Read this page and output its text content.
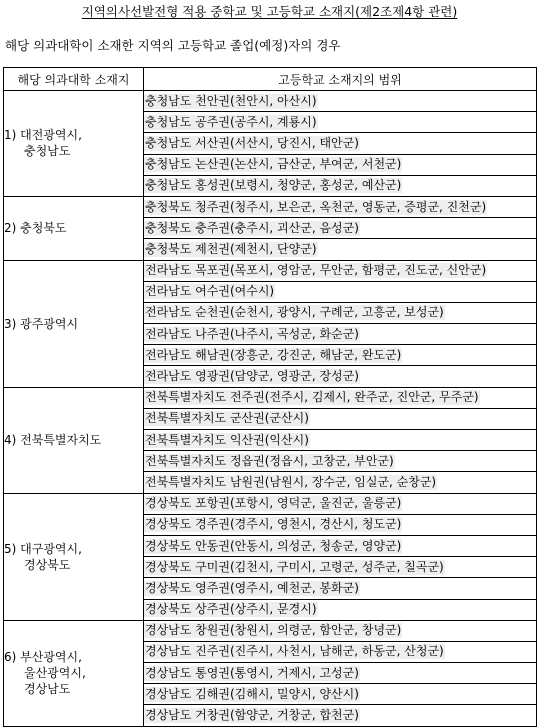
지역의사선발전형 적용 중학교 및 고등학교 소재지(제2조제4항 관련)
해당 의과대학이 소재한 지역의 고등학교 졸업(예정)자의 경우
해당 의과대학 소재지	고등학교 소재지의 범위

1) 대전광역시,
충청남도	충청남도 천안권(천안시, 아산시)
	충청남도 공주권(공주시, 계룡시)
	충청남도 서산권(서산시, 당진시, 태안군)
	충청남도 논산권(논산시, 금산군, 부여군, 서천군)
	충청남도 홍성권(보령시, 청양군, 홍성군, 예산군)

2) 충청북도	충청북도 청주권(청주시, 보은군, 옥천군, 영동군, 증평군, 진천군)
	충청북도 충주권(충주시, 괴산군, 음성군)
	충청북도 제천권(제천시, 단양군)

3) 광주광역시	전라남도 목포권(목포시, 영암군, 무안군, 함평군, 진도군, 신안군)
	전라남도 여수권(여수시)
	전라남도 순천권(순천시, 광양시, 구례군, 고흥군, 보성군)
	전라남도 나주권(나주시, 곡성군, 화순군)
	전라남도 해남권(장흥군, 강진군, 해남군, 완도군)
	전라남도 영광권(담양군, 영광군, 장성군)

4) 전북특별자치도	전북특별자치도 전주권(전주시, 김제시, 완주군, 진안군, 무주군)
	전북특별자치도 군산권(군산시)
	전북특별자치도 익산권(익산시)
	전북특별자치도 정읍권(정읍시, 고창군, 부안군)
	전북특별자치도 남원권(남원시, 장수군, 임실군, 순창군)

5) 대구광역시,
경상북도	경상북도 포항권(포항시, 영덕군, 울진군, 울릉군)
	경상북도 경주권(경주시, 영천시, 경산시, 청도군)
	경상북도 안동권(안동시, 의성군, 청송군, 영양군)
	경상북도 구미권(김천시, 구미시, 고령군, 성주군, 칠곡군)
	경상북도 영주권(영주시, 예천군, 봉화군)
	경상북도 상주권(상주시, 문경시)

6) 부산광역시,
울산광역시,
경상남도	경상남도 창원권(창원시, 의령군, 함안군, 창녕군)
	경상남도 진주권(진주시, 사천시, 남해군, 하동군, 산청군)
	경상남도 통영권(통영시, 거제시, 고성군)
	경상남도 김해권(김해시, 밀양시, 양산시)
	경상남도 거창권(함양군, 거창군, 합천군)
